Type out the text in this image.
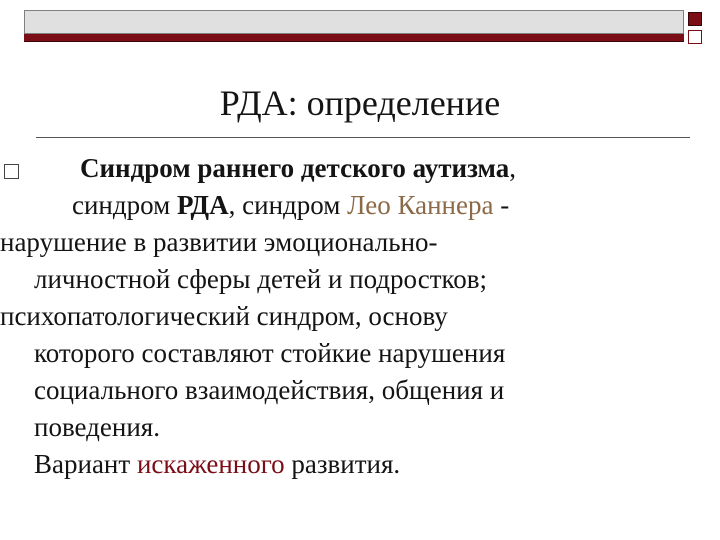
РДА: определение
Синдром раннего детского аутизма,
синдром РДА, синдром Лео Каннера -
нарушение в развитии эмоционально-
личностной сферы детей и подростков;
психопатологический синдром, основу
которого составляют стойкие нарушения
социального взаимодействия, общения и
поведения.
Вариант искаженного развития.
